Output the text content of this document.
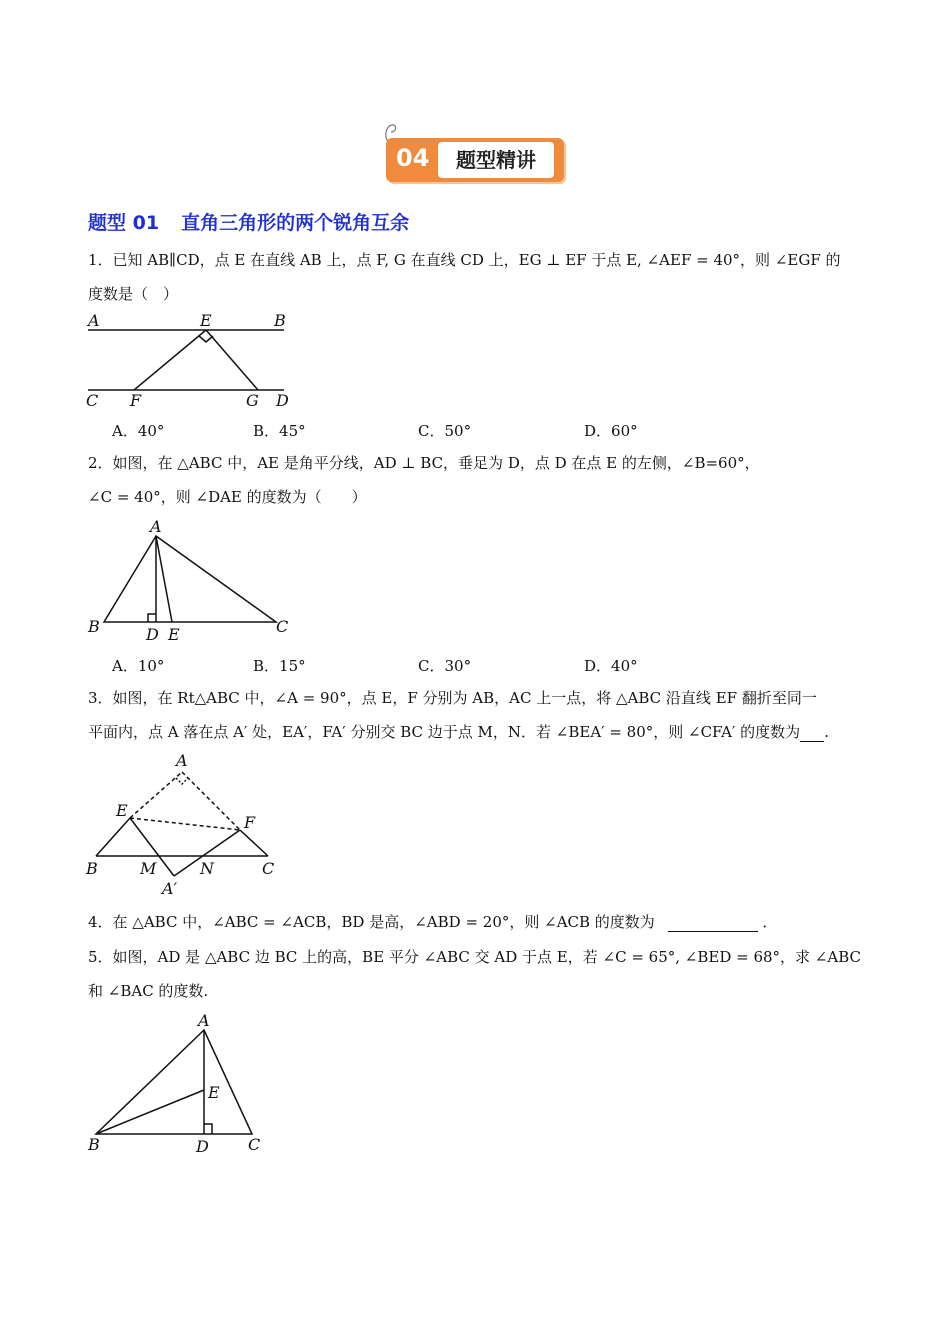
04	题型精讲
题型 01 直角三角形的两个锐角互余
1．已知 AB∥CD，点 E 在直线 AB 上，点 F, G 在直线 CD 上，EG ⊥ EF 于点 E, ∠AEF = 40°，则 ∠EGF 的
度数是（　）
A	E	B
C F	G D
A．40°	B．45°	C．50°	D．60°
2．如图，在 △ABC 中，AE 是角平分线，AD ⊥ BC，垂足为 D，点 D 在点 E 的左侧，∠B=60°，
∠C = 40°，则 ∠DAE 的度数为（　　）
A
B	D E	C
A．10°	B．15°	C．30°	D．40°
3．如图，在 Rt△ABC 中，∠A = 90°，点 E，F 分别为 AB，AC 上一点，将 △ABC 沿直线 EF 翻折至同一
平面内，点 A 落在点 A′ 处，EA′，FA′ 分别交 BC 边于点 M，N．若 ∠BEA′ = 80°，则 ∠CFA′ 的度数为 .
A
E
F
B	M	N	C
A′
4．在 △ABC 中，∠ABC = ∠ACB，BD 是高，∠ABD = 20°，则 ∠ACB 的度数为	．
5．如图，AD 是 △ABC 边 BC 上的高，BE 平分 ∠ABC 交 AD 于点 E，若 ∠C = 65°, ∠BED = 68°，求 ∠ABC
和 ∠BAC 的度数.
A
E
B	D C
